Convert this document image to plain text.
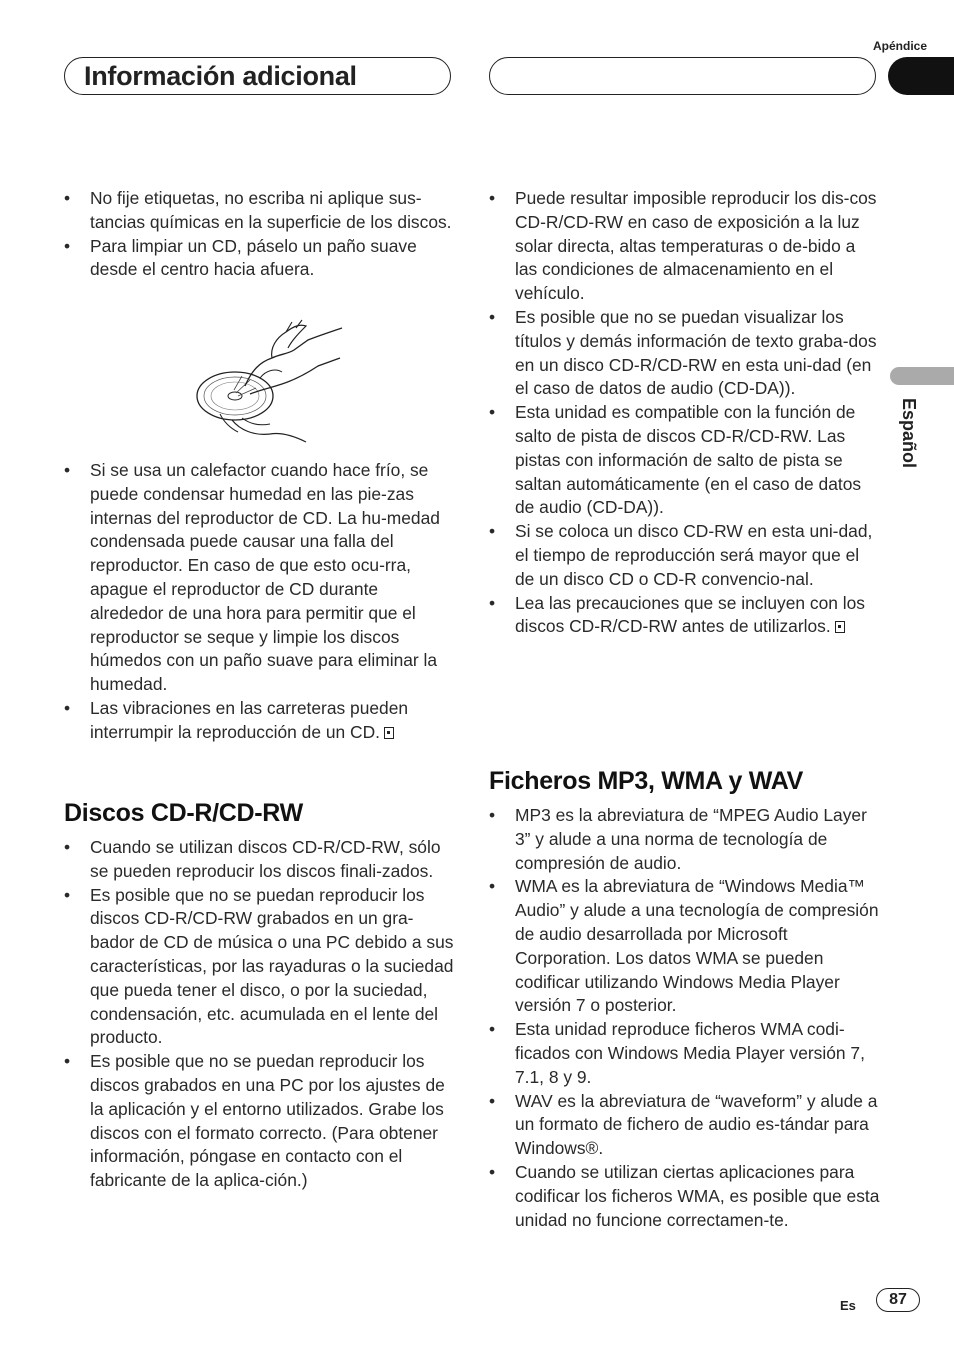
Apéndice
Información adicional
Español
• No fije etiquetas, no escriba ni aplique sus-tancias químicas en la superficie de los discos.
• Para limpiar un CD, páselo un paño suave desde el centro hacia afuera.
• Si se usa un calefactor cuando hace frío, se puede condensar humedad en las pie-zas internas del reproductor de CD. La hu-medad condensada puede causar una falla del reproductor. En caso de que esto ocu-rra, apague el reproductor de CD durante alrededor de una hora para permitir que el reproductor se seque y limpie los discos húmedos con un paño suave para eliminar la humedad.
• Las vibraciones en las carreteras pueden interrumpir la reproducción de un CD.
Discos CD-R/CD-RW
• Cuando se utilizan discos CD-R/CD-RW, sólo se pueden reproducir los discos finali-zados.
• Es posible que no se puedan reproducir los discos CD-R/CD-RW grabados en un gra-bador de CD de música o una PC debido a sus características, por las rayaduras o la suciedad que pueda tener el disco, o por la suciedad, condensación, etc. acumulada en el lente del producto.
• Es posible que no se puedan reproducir los discos grabados en una PC por los ajustes de la aplicación y el entorno utilizados. Grabe los discos con el formato correcto. (Para obtener información, póngase en contacto con el fabricante de la aplica-ción.)
• Puede resultar imposible reproducir los dis-cos CD-R/CD-RW en caso de exposición a la luz solar directa, altas temperaturas o de-bido a las condiciones de almacenamiento en el vehículo.
• Es posible que no se puedan visualizar los títulos y demás información de texto graba-dos en un disco CD-R/CD-RW en esta uni-dad (en el caso de datos de audio (CD-DA)).
• Esta unidad es compatible con la función de salto de pista de discos CD-R/CD-RW. Las pistas con información de salto de pista se saltan automáticamente (en el caso de datos de audio (CD-DA)).
• Si se coloca un disco CD-RW en esta uni-dad, el tiempo de reproducción será mayor que el de un disco CD o CD-R convencio-nal.
• Lea las precauciones que se incluyen con los discos CD-R/CD-RW antes de utilizarlos.
Ficheros MP3, WMA y WAV
• MP3 es la abreviatura de “MPEG Audio Layer 3” y alude a una norma de tecnología de compresión de audio.
• WMA es la abreviatura de “Windows Media™ Audio” y alude a una tecnología de compresión de audio desarrollada por Microsoft Corporation. Los datos WMA se pueden codificar utilizando Windows Media Player versión 7 o posterior.
• Esta unidad reproduce ficheros WMA codi-ficados con Windows Media Player versión 7, 7.1, 8 y 9.
• WAV es la abreviatura de “waveform” y alude a un formato de fichero de audio es-tándar para Windows®.
• Cuando se utilizan ciertas aplicaciones para codificar los ficheros WMA, es posible que esta unidad no funcione correctamen-te.
Es	87
